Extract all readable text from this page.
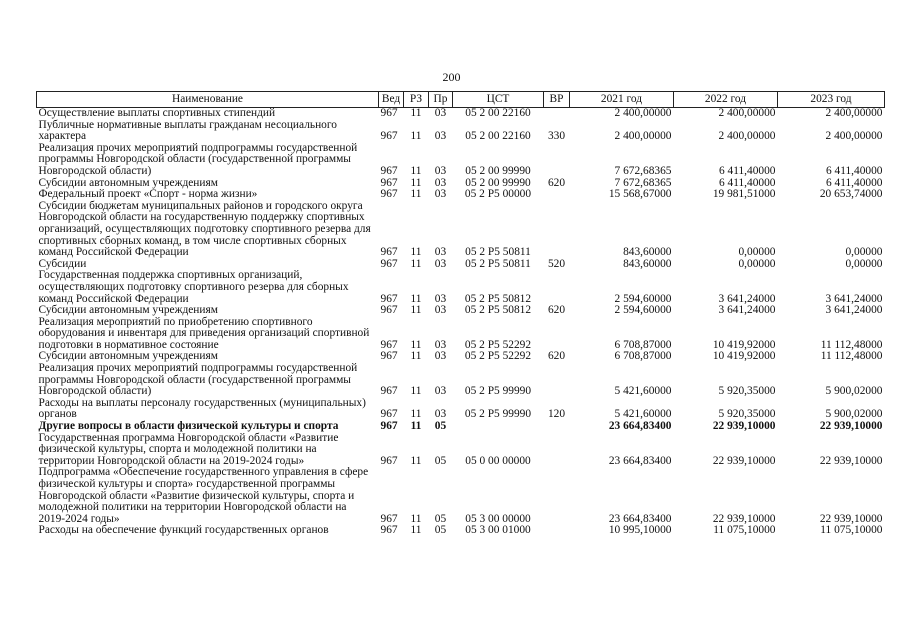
200
Наименование	Вед	РЗ	Пр	ЦСТ	ВР	2021 год	2022 год	2023 год
Осуществление выплаты спортивных стипендий	967	11	03	05 2 00 22160		2 400,00000	2 400,00000	2 400,00000
Публичные нормативные выплаты гражданам несоциального характера	967	11	03	05 2 00 22160	330	2 400,00000	2 400,00000	2 400,00000
Реализация прочих мероприятий подпрограммы государственной программы Новгородской области (государственной программы Новгородской области)	967	11	03	05 2 00 99990		7 672,68365	6 411,40000	6 411,40000
Субсидии автономным учреждениям	967	11	03	05 2 00 99990	620	7 672,68365	6 411,40000	6 411,40000
Федеральный проект «Спорт - норма жизни»	967	11	03	05 2 P5 00000		15 568,67000	19 981,51000	20 653,74000
Субсидии бюджетам муниципальных районов и городского округа Новгородской области на государственную поддержку спортивных организаций, осуществляющих подготовку спортивного резерва для спортивных сборных команд, в том числе спортивных сборных команд Российской Федерации	967	11	03	05 2 P5 50811		843,60000	0,00000	0,00000
Субсидии	967	11	03	05 2 P5 50811	520	843,60000	0,00000	0,00000
Государственная поддержка спортивных организаций, осуществляющих подготовку спортивного резерва для сборных команд Российской Федерации	967	11	03	05 2 P5 50812		2 594,60000	3 641,24000	3 641,24000
Субсидии автономным учреждениям	967	11	03	05 2 P5 50812	620	2 594,60000	3 641,24000	3 641,24000
Реализация мероприятий по приобретению спортивного оборудования и инвентаря для приведения организаций спортивной подготовки в нормативное состояние	967	11	03	05 2 P5 52292		6 708,87000	10 419,92000	11 112,48000
Субсидии автономным учреждениям	967	11	03	05 2 P5 52292	620	6 708,87000	10 419,92000	11 112,48000
Реализация прочих мероприятий подпрограммы государственной программы Новгородской области (государственной программы Новгородской области)	967	11	03	05 2 P5 99990		5 421,60000	5 920,35000	5 900,02000
Расходы на выплаты персоналу государственных (муниципальных) органов	967	11	03	05 2 P5 99990	120	5 421,60000	5 920,35000	5 900,02000
Другие вопросы в области физической культуры и спорта	967	11	05			23 664,83400	22 939,10000	22 939,10000
Государственная программа Новгородской области «Развитие физической культуры, спорта и молодежной политики на территории Новгородской области на 2019-2024 годы»	967	11	05	05 0 00 00000		23 664,83400	22 939,10000	22 939,10000
Подпрограмма «Обеспечение государственного управления в сфере физической культуры и спорта» государственной программы Новгородской области «Развитие физической культуры, спорта и молодежной политики на территории Новгородской области на 2019-2024 годы»	967	11	05	05 3 00 00000		23 664,83400	22 939,10000	22 939,10000
Расходы на обеспечение функций государственных органов	967	11	05	05 3 00 01000		10 995,10000	11 075,10000	11 075,10000
